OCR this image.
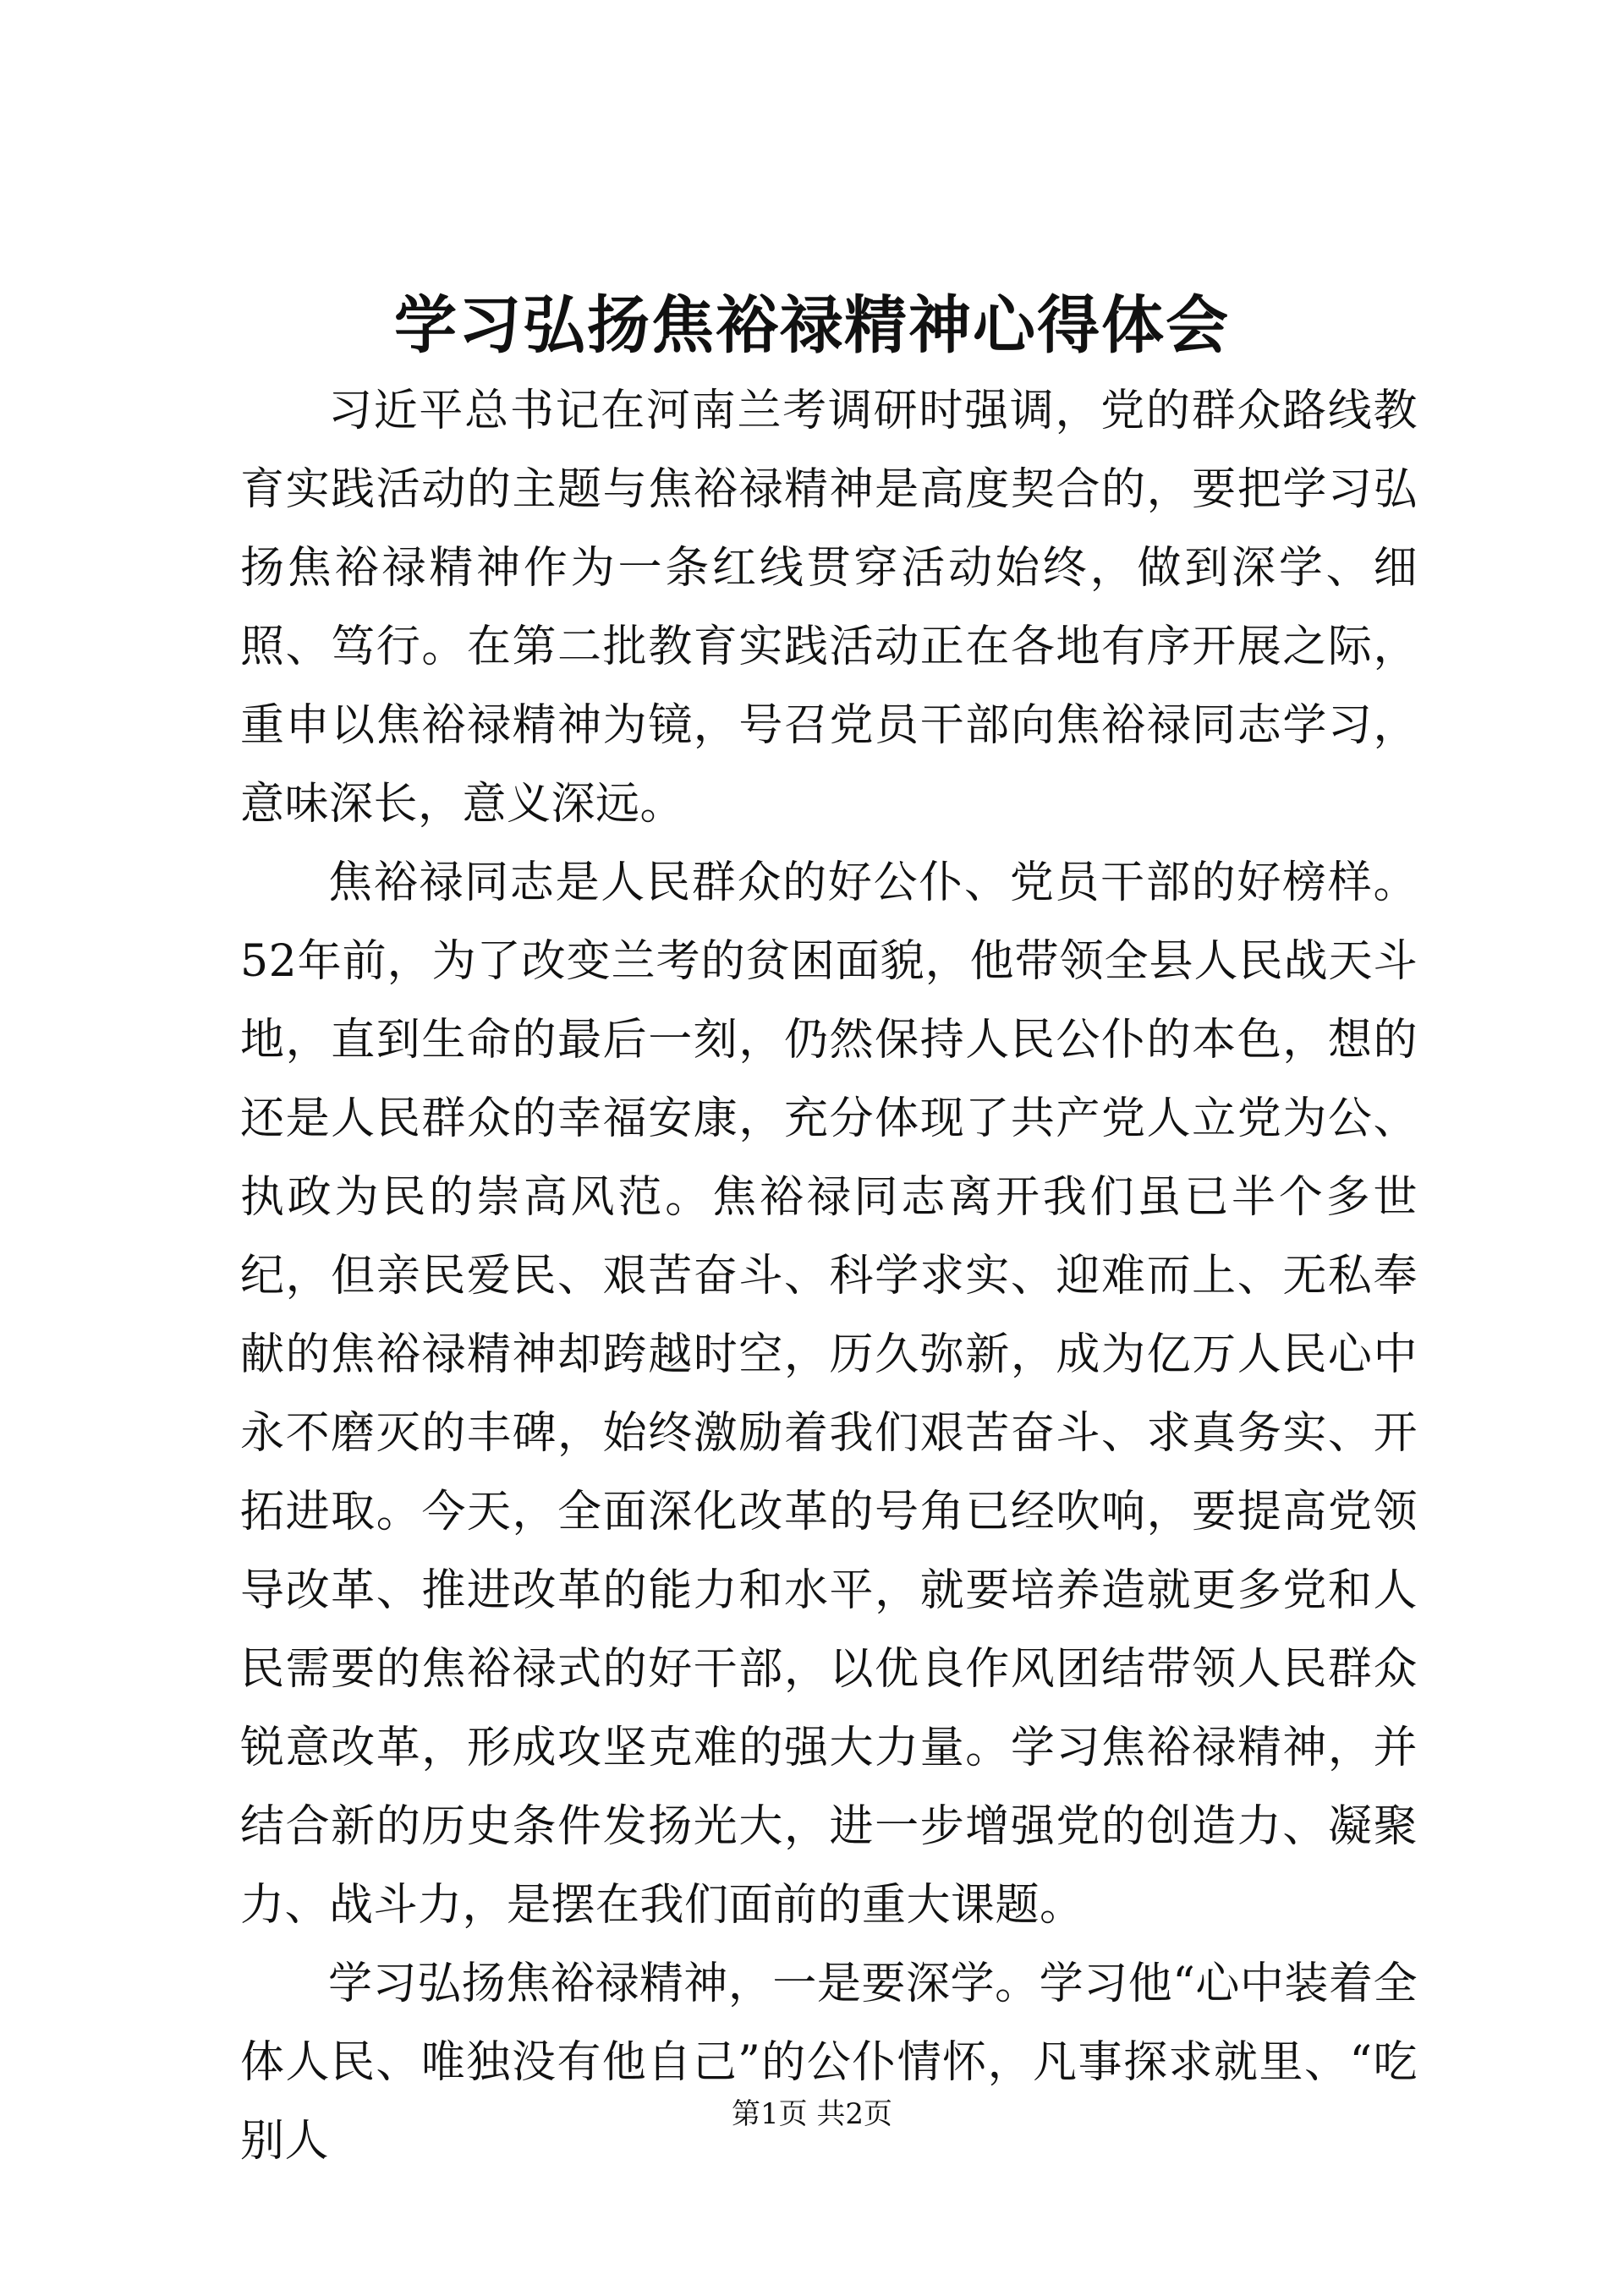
学习弘扬焦裕禄精神心得体会

习近平总书记在河南兰考调研时强调，党的群众路线教育实践活动的主题与焦裕禄精神是高度契合的，要把学习弘扬焦裕禄精神作为一条红线贯穿活动始终，做到深学、细照、笃行。在第二批教育实践活动正在各地有序开展之际，重申以焦裕禄精神为镜，号召党员干部向焦裕禄同志学习，意味深长，意义深远。

焦裕禄同志是人民群众的好公仆、党员干部的好榜样。52年前，为了改变兰考的贫困面貌，他带领全县人民战天斗地，直到生命的最后一刻，仍然保持人民公仆的本色，想的还是人民群众的幸福安康，充分体现了共产党人立党为公、执政为民的崇高风范。焦裕禄同志离开我们虽已半个多世纪，但亲民爱民、艰苦奋斗、科学求实、迎难而上、无私奉献的焦裕禄精神却跨越时空，历久弥新，成为亿万人民心中永不磨灭的丰碑，始终激励着我们艰苦奋斗、求真务实、开拓进取。今天，全面深化改革的号角已经吹响，要提高党领导改革、推进改革的能力和水平，就要培养造就更多党和人民需要的焦裕禄式的好干部，以优良作风团结带领人民群众锐意改革，形成攻坚克难的强大力量。学习焦裕禄精神，并结合新的历史条件发扬光大，进一步增强党的创造力、凝聚力、战斗力，是摆在我们面前的重大课题。

学习弘扬焦裕禄精神，一是要深学。学习他“心中装着全体人民、唯独没有他自己”的公仆情怀，凡事探求就里、“吃别人

第1页 共2页
